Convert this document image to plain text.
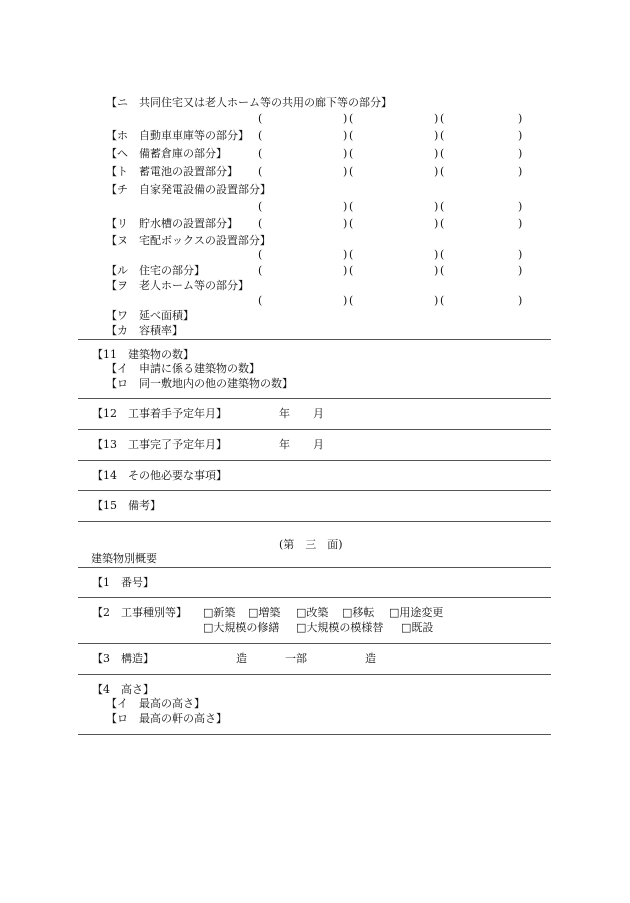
【ニ　共同住宅又は老人ホーム等の共用の廊下等の部分】
(	) (	) (	)
【ホ　自動車車庫等の部分】 (	) (	) (	)
【ヘ　備蓄倉庫の部分】	(	) (	) (	)
【ト　蓄電池の設置部分】 (	) (	) (	)
【チ　自家発電設備の設置部分】
(	) (	) (	)
【リ　貯水槽の設置部分】 (	) (	) (	)
【ヌ　宅配ボックスの設置部分】
(	) (	) (	)
【ル　住宅の部分】	(	) (	) (	)
【ヲ　老人ホーム等の部分】
(	) (	) (	)
【ワ　延べ面積】
【カ　容積率】
【11　建築物の数】
【イ　申請に係る建築物の数】
【ロ　同一敷地内の他の建築物の数】
【12　工事着手予定年月】	年 月
【13　工事完了予定年月】	年 月
【14　その他必要な事項】
【15　備考】
(第　三　面)
建築物別概要
【1　番号】
【2　工事種別等】 □新築 □増築 □改築 □移転 □用途変更
□大規模の修繕 □大規模の模様替 □既設
【3　構造】	造	一部	造
【4　高さ】
【イ　最高の高さ】
【ロ　最高の軒の高さ】
